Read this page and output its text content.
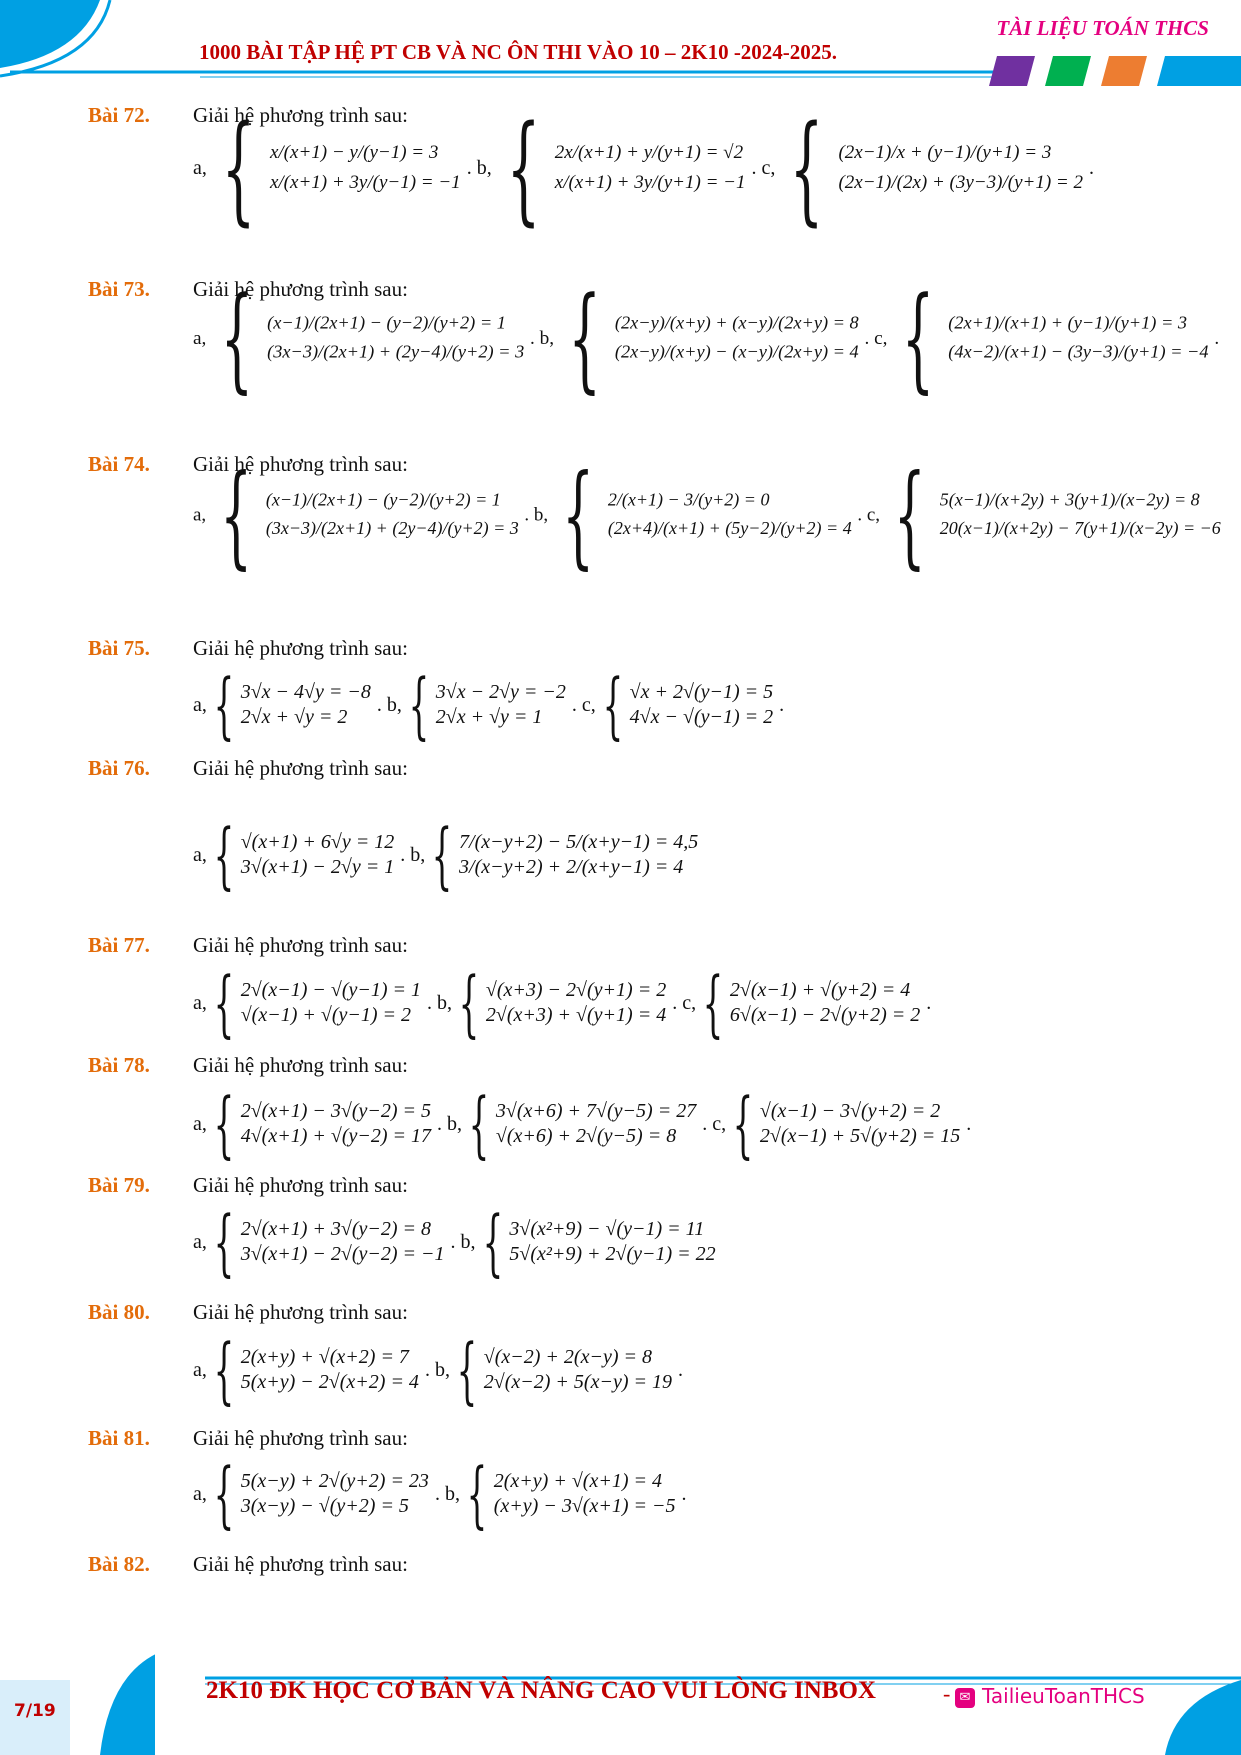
1000 BÀI TẬP HỆ PT CB VÀ NC ÔN THI VÀO 10 – 2K10 -2024-2025.
TÀI LIỆU TOÁN THCS
Bài 72. Giải hệ phương trình sau:
a, { x/(x+1) − y/(y−1) = 3
x/(x+1) + 3y/(y−1) = −1
. b, { 2x/(x+1) + y/(y+1) = √2
x/(x+1) + 3y/(y+1) = −1
. c, { (2x−1)/x + (y−1)/(y+1) = 3
(2x−1)/(2x) + (3y−3)/(y+1) = 2
.
Bài 73. Giải hệ phương trình sau:
a, { (x−1)/(2x+1) − (y−2)/(y+2) = 1
(3x−3)/(2x+1) + (2y−4)/(y+2) = 3
. b, { (2x−y)/(x+y) + (x−y)/(2x+y) = 8
(2x−y)/(x+y) − (x−y)/(2x+y) = 4
. c, { (2x+1)/(x+1) + (y−1)/(y+1) = 3
(4x−2)/(x+1) − (3y−3)/(y+1) = −4
.
Bài 74. Giải hệ phương trình sau:
a, { (x−1)/(2x+1) − (y−2)/(y+2) = 1
(3x−3)/(2x+1) + (2y−4)/(y+2) = 3
. b, { 2/(x+1) − 3/(y+2) = 0
(2x+4)/(x+1) + (5y−2)/(y+2) = 4
. c, { 5(x−1)/(x+2y) + 3(y+1)/(x−2y) = 8
20(x−1)/(x+2y) − 7(y+1)/(x−2y) = −6
Bài 75. Giải hệ phương trình sau:
a, { 3√x − 4√y = −8
2√x + √y = 2
. b, { 3√x − 2√y = −2
2√x + √y = 1
. c, { √x + 2√(y−1) = 5
4√x − √(y−1) = 2
.
Bài 76. Giải hệ phương trình sau:
a, { √(x+1) + 6√y = 12
3√(x+1) − 2√y = 1
. b, { 7/(x−y+2) − 5/(x+y−1) = 4,5
3/(x−y+2) + 2/(x+y−1) = 4
Bài 77. Giải hệ phương trình sau:
a, { 2√(x−1) − √(y−1) = 1
√(x−1) + √(y−1) = 2
. b, { √(x+3) − 2√(y+1) = 2
2√(x+3) + √(y+1) = 4
. c, { 2√(x−1) + √(y+2) = 4
6√(x−1) − 2√(y+2) = 2
.
Bài 78. Giải hệ phương trình sau:
a, { 2√(x+1) − 3√(y−2) = 5
4√(x+1) + √(y−2) = 17
. b, { 3√(x+6) + 7√(y−5) = 27
√(x+6) + 2√(y−5) = 8
. c, { √(x−1) − 3√(y+2) = 2
2√(x−1) + 5√(y+2) = 15
.
Bài 79. Giải hệ phương trình sau:
a, { 2√(x+1) + 3√(y−2) = 8
3√(x+1) − 2√(y−2) = −1
. b, { 3√(x²+9) − √(y−1) = 11
5√(x²+9) + 2√(y−1) = 22
Bài 80. Giải hệ phương trình sau:
a, { 2(x+y) + √(x+2) = 7
5(x+y) − 2√(x+2) = 4
. b, { √(x−2) + 2(x−y) = 8
2√(x−2) + 5(x−y) = 19
.
Bài 81. Giải hệ phương trình sau:
a, { 5(x−y) + 2√(y+2) = 23
3(x−y) − √(y+2) = 5
. b, { 2(x+y) + √(x+1) = 4
(x+y) − 3√(x+1) = −5
.
Bài 82. Giải hệ phương trình sau:
2K10 ĐK HỌC CƠ BẢN VÀ NÂNG CAO VUI LÒNG INBOX	- ✉ TailieuToanTHCS
7/19
